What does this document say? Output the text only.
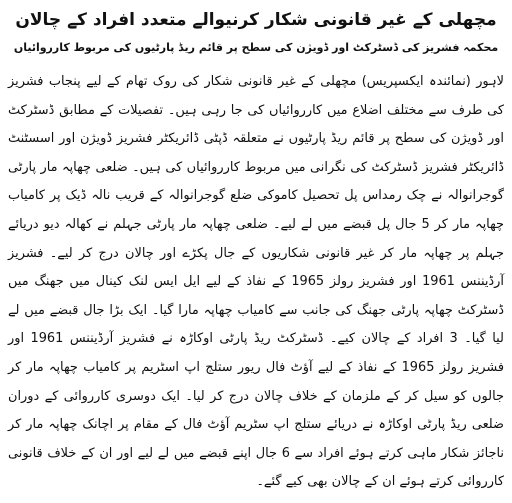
مچھلی کے غیر قانونی شکار کرنیوالے متعدد افراد کے چالان
محکمہ فشریز کی ڈسٹرکٹ اور ڈویژن کی سطح پر قائم ریڈ پارٹیوں کی مربوط کارروائیاں

لاہور (نمائندہ ایکسپریس) مچھلی کے غیر قانونی شکار کی روک تھام کے لیے پنجاب فشریز کی طرف سے مختلف اضلاع میں کارروائیاں کی جا رہی ہیں۔ تفصیلات کے مطابق ڈسٹرکٹ اور ڈویژن کی سطح پر قائم ریڈ پارٹیوں نے متعلقہ ڈپٹی ڈائریکٹر فشریز ڈویژن اور اسسٹنٹ ڈائریکٹر فشریز ڈسٹرکٹ کی نگرانی میں مربوط کارروائیاں کی ہیں۔ ضلعی چھاپہ مار پارٹی گوجرانوالہ نے چک رمداس پل تحصیل کاموکی ضلع گوجرانوالہ کے قریب نالہ ڈیک پر کامیاب چھاپہ مار کر 5 جال پل قبضے میں لے لیے۔ ضلعی چھاپہ مار پارٹی جہلم نے کھالہ دیو دریائے جہلم پر چھاپہ مار کر غیر قانونی شکاریوں کے جال پکڑے اور چالان درج کر لیے۔ فشریز آرڈیننس 1961 اور فشریز رولز 1965 کے نفاذ کے لیے ایل ایس لنک کینال میں جھنگ میں ڈسٹرکٹ چھاپہ پارٹی جھنگ کی جانب سے کامیاب چھاپہ مارا گیا۔ ایک بڑا جال قبضے میں لے لیا گیا۔ 3 افراد کے چالان کیے۔ ڈسٹرکٹ ریڈ پارٹی اوکاڑہ نے فشریز آرڈیننس 1961 اور فشریز رولز 1965 کے نفاذ کے لیے آؤٹ فال ریور ستلج اپ اسٹریم پر کامیاب چھاپہ مار کر جالوں کو سیل کر کے ملزمان کے خلاف چالان درج کر لیا۔ ایک دوسری کارروائی کے دوران ضلعی ریڈ پارٹی اوکاڑہ نے دریائے ستلج اپ سٹریم آؤٹ فال کے مقام پر اچانک چھاپہ مار کر ناجائز شکار ماہی کرتے ہوئے افراد سے 6 جال اپنے قبضے میں لے لیے اور ان کے خلاف قانونی کارروائی کرتے ہوئے ان کے چالان بھی کیے گئے۔
